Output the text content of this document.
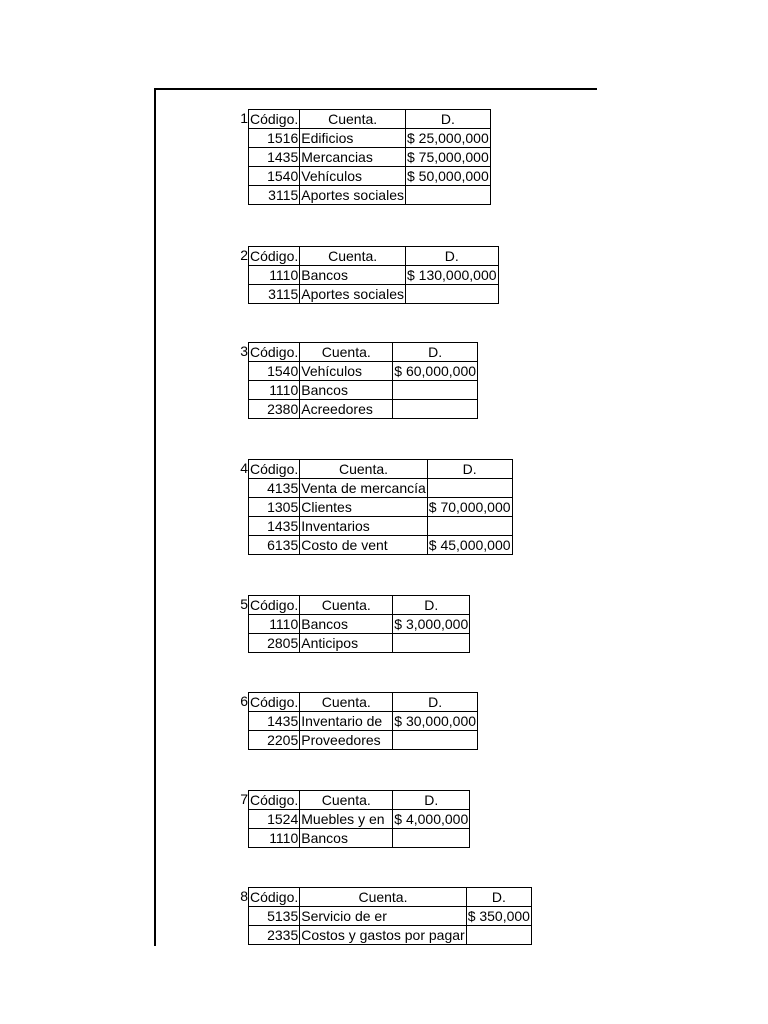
1 Código.	Cuenta.	D.
1516	Edificios	$ 25,000,000
1435	Mercancias	$ 75,000,000
1540	Vehículos	$ 50,000,000
3115	Aportes sociales	
2 Código.	Cuenta.	D.
1110	Bancos	$ 130,000,000
3115	Aportes sociales	
3 Código.	Cuenta.	D.
1540	Vehículos	$ 60,000,000
1110	Bancos	
2380	Acreedores	
4 Código.	Cuenta.	D.
4135	Venta de mercancía	
1305	Clientes	$ 70,000,000
1435	Inventarios	
6135	Costo de vent	$ 45,000,000
5 Código.	Cuenta.	D.
1110	Bancos	$ 3,000,000
2805	Anticipos	
6 Código.	Cuenta.	D.
1435	Inventario de	$ 30,000,000
2205	Proveedores	
7 Código.	Cuenta.	D.
1524	Muebles y en	$ 4,000,000
1110	Bancos	
8 Código.	Cuenta.	D.
5135	Servicio de er	$ 350,000
2335	Costos y gastos por pagar	
